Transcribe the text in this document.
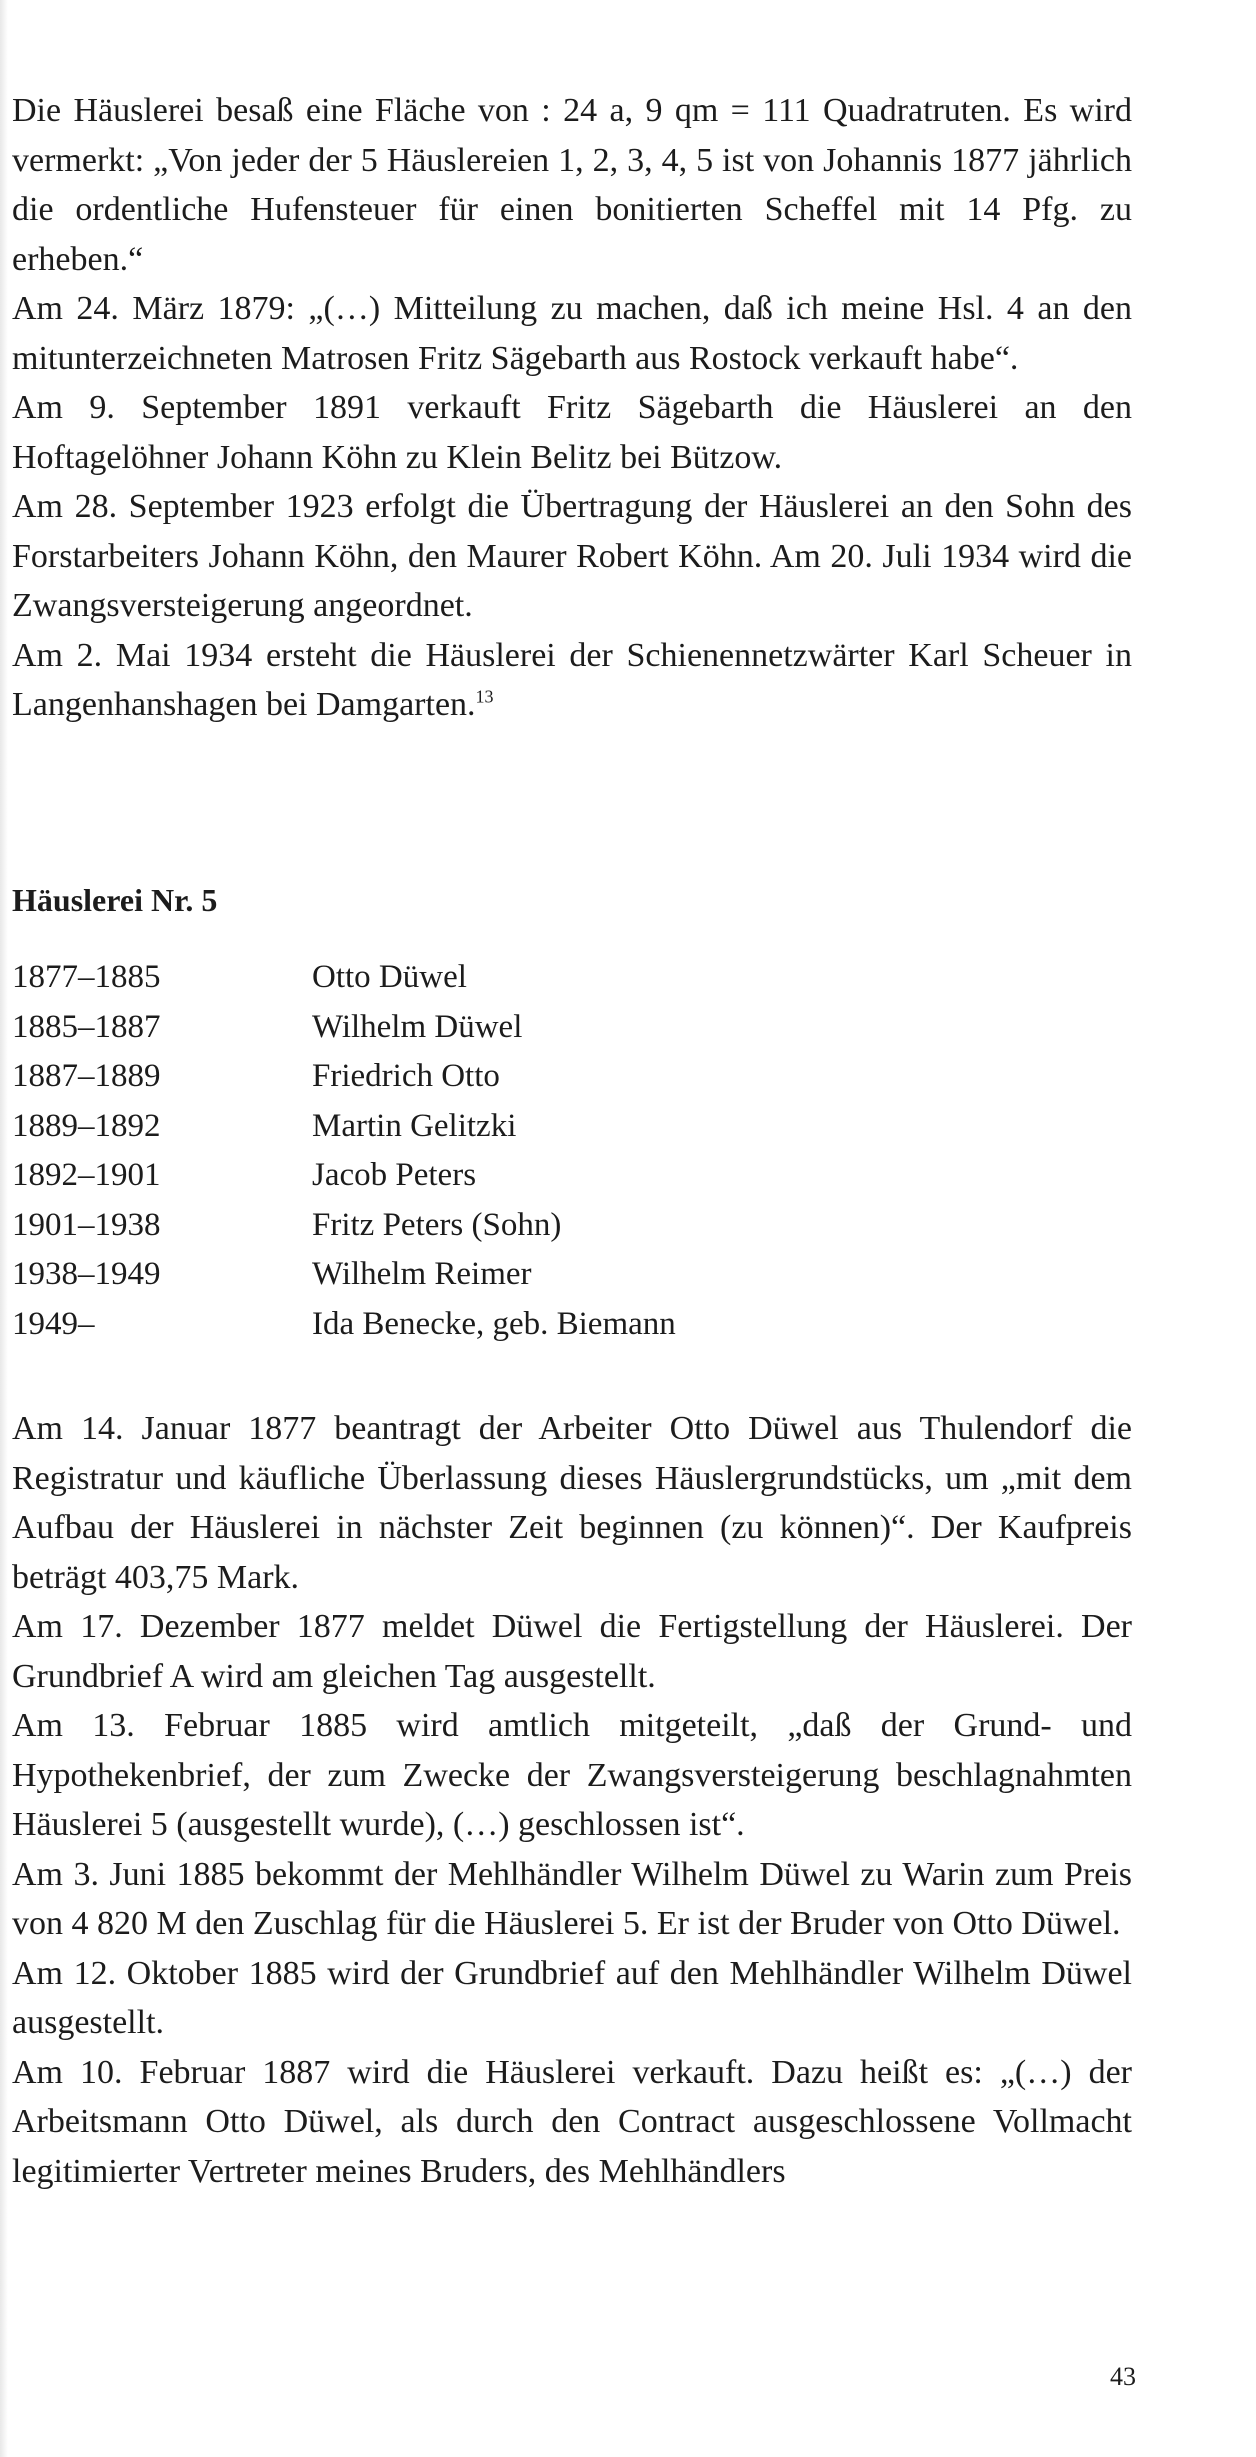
Die Häuslerei besaß eine Fläche von : 24 a, 9 qm = 111 Quadratruten. Es wird vermerkt: „Von jeder der 5 Häuslereien 1, 2, 3, 4, 5 ist von Johannis 1877 jährlich die ordentliche Hufensteuer für einen bonitierten Scheffel mit 14 Pfg. zu erheben.“

Am 24. März 1879: „(…) Mitteilung zu machen, daß ich meine Hsl. 4 an den mitunterzeichneten Matrosen Fritz Sägebarth aus Rostock verkauft habe“.

Am 9. September 1891 verkauft Fritz Sägebarth die Häuslerei an den Hoftagelöhner Johann Köhn zu Klein Belitz bei Bützow.

Am 28. September 1923 erfolgt die Übertragung der Häuslerei an den Sohn des Forstarbeiters Johann Köhn, den Maurer Robert Köhn. Am 20. Juli 1934 wird die Zwangsversteigerung angeordnet.

Am 2. Mai 1934 ersteht die Häuslerei der Schienennetzwärter Karl Scheuer in Langenhanshagen bei Damgarten.$^{13}$

Häuslerei Nr. 5
1877–1885	Otto Düwel
1885–1887	Wilhelm Düwel
1887–1889	Friedrich Otto
1889–1892	Martin Gelitzki
1892–1901	Jacob Peters
1901–1938	Fritz Peters (Sohn)
1938–1949	Wilhelm Reimer
1949–	Ida Benecke, geb. Biemann

Am 14. Januar 1877 beantragt der Arbeiter Otto Düwel aus Thulendorf die Registratur und käufliche Überlassung dieses Häuslergrundstücks, um „mit dem Aufbau der Häuslerei in nächster Zeit beginnen (zu können)“. Der Kaufpreis beträgt 403,75 Mark.

Am 17. Dezember 1877 meldet Düwel die Fertigstellung der Häuslerei. Der Grundbrief A wird am gleichen Tag ausgestellt.

Am 13. Februar 1885 wird amtlich mitgeteilt, „daß der Grund- und Hypothekenbrief, der zum Zwecke der Zwangsversteigerung beschlagnahmten Häuslerei 5 (ausgestellt wurde), (…) geschlossen ist“.

Am 3. Juni 1885 bekommt der Mehlhändler Wilhelm Düwel zu Warin zum Preis von 4 820 M den Zuschlag für die Häuslerei 5. Er ist der Bruder von Otto Düwel.

Am 12. Oktober 1885 wird der Grundbrief auf den Mehlhändler Wilhelm Düwel ausgestellt.

Am 10. Februar 1887 wird die Häuslerei verkauft. Dazu heißt es: „(…) der Arbeitsmann Otto Düwel, als durch den Contract ausgeschlossene Vollmacht legitimierter Vertreter meines Bruders, des Mehlhändlers

43
